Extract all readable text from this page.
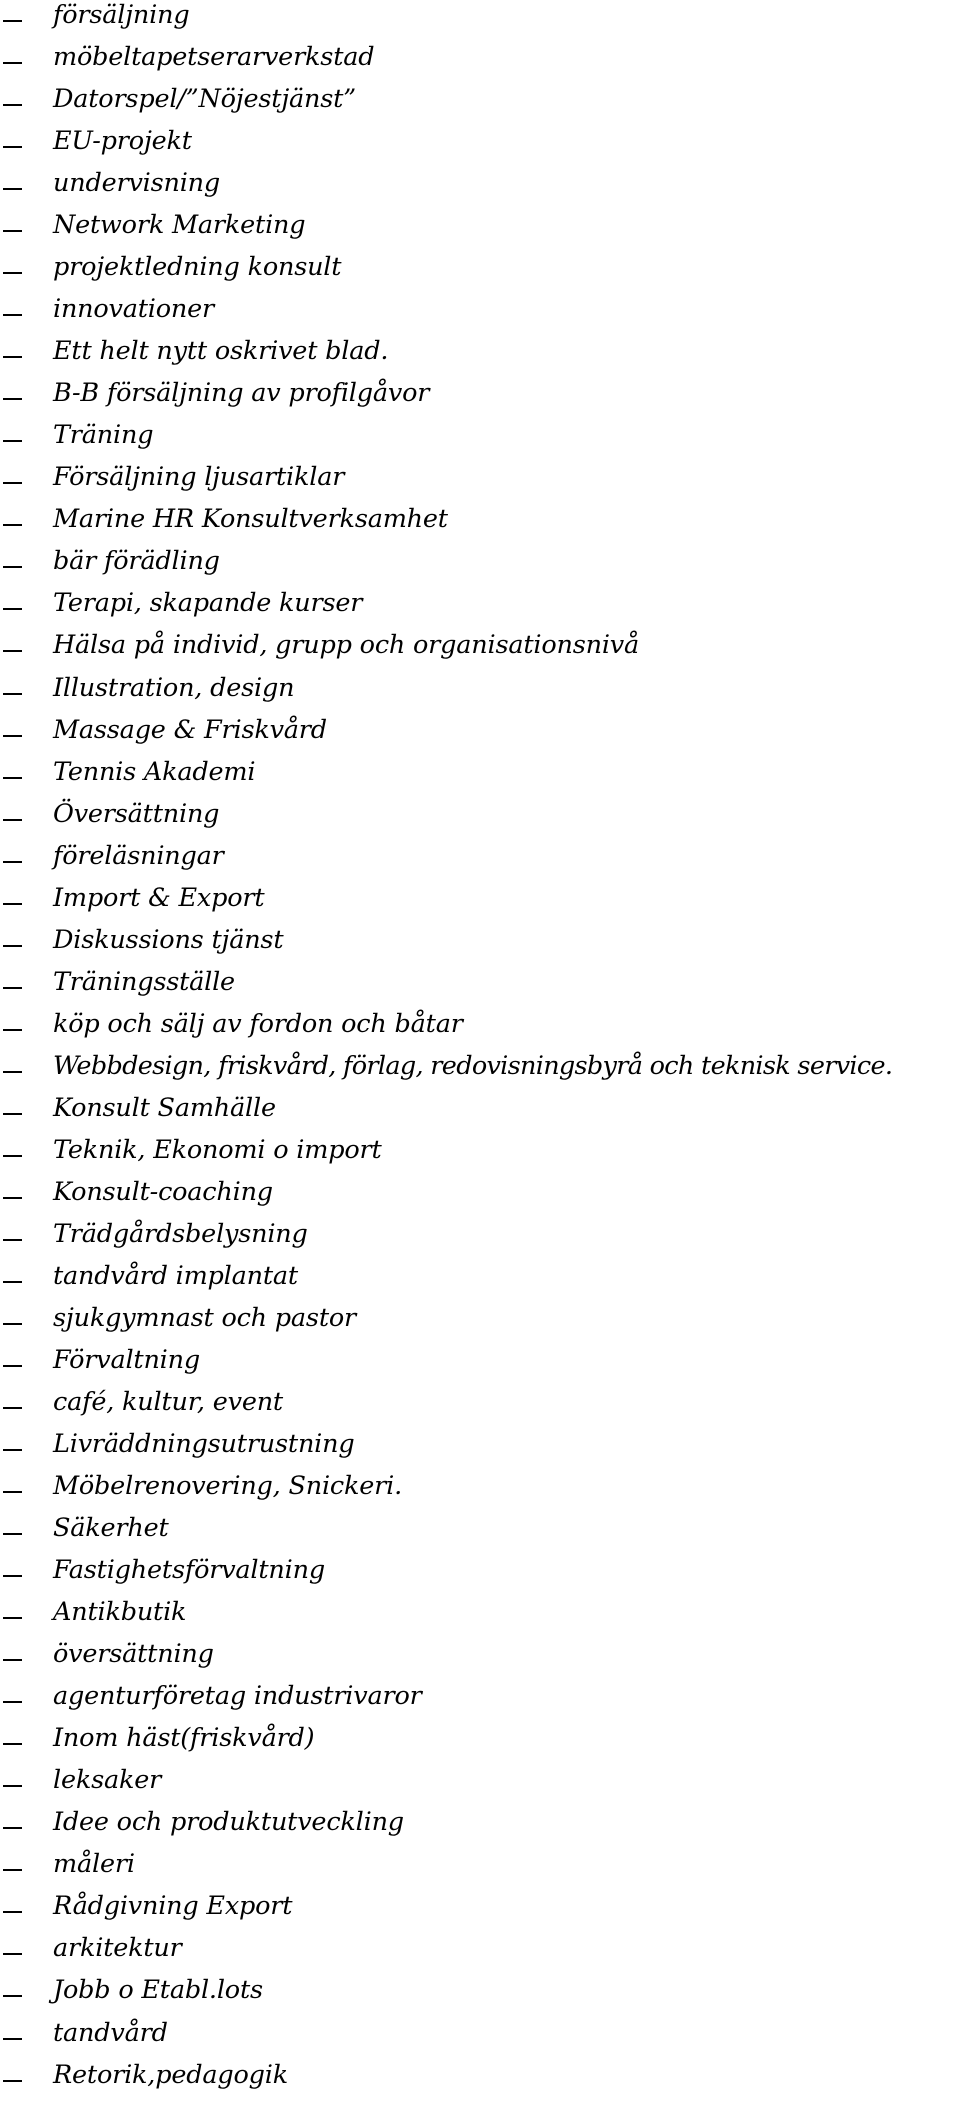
försäljning
möbeltapetserarverkstad
Datorspel/”Nöjestjänst”
EU-projekt
undervisning
Network Marketing
projektledning konsult
innovationer
Ett helt nytt oskrivet blad.
B-B försäljning av profilgåvor
Träning
Försäljning ljusartiklar
Marine HR Konsultverksamhet
bär förädling
Terapi, skapande kurser
Hälsa på individ, grupp och organisationsnivå
Illustration, design
Massage & Friskvård
Tennis Akademi
Översättning
föreläsningar
Import & Export
Diskussions tjänst
Träningsställe
köp och sälj av fordon och båtar
Webbdesign, friskvård, förlag, redovisningsbyrå och teknisk service.
Konsult Samhälle
Teknik, Ekonomi o import
Konsult-coaching
Trädgårdsbelysning
tandvård implantat
sjukgymnast och pastor
Förvaltning
café, kultur, event
Livräddningsutrustning
Möbelrenovering, Snickeri.
Säkerhet
Fastighetsförvaltning
Antikbutik
översättning
agenturföretag industrivaror
Inom häst(friskvård)
leksaker
Idee och produktutveckling
måleri
Rådgivning Export
arkitektur
Jobb o Etabl.lots
tandvård
Retorik,pedagogik
